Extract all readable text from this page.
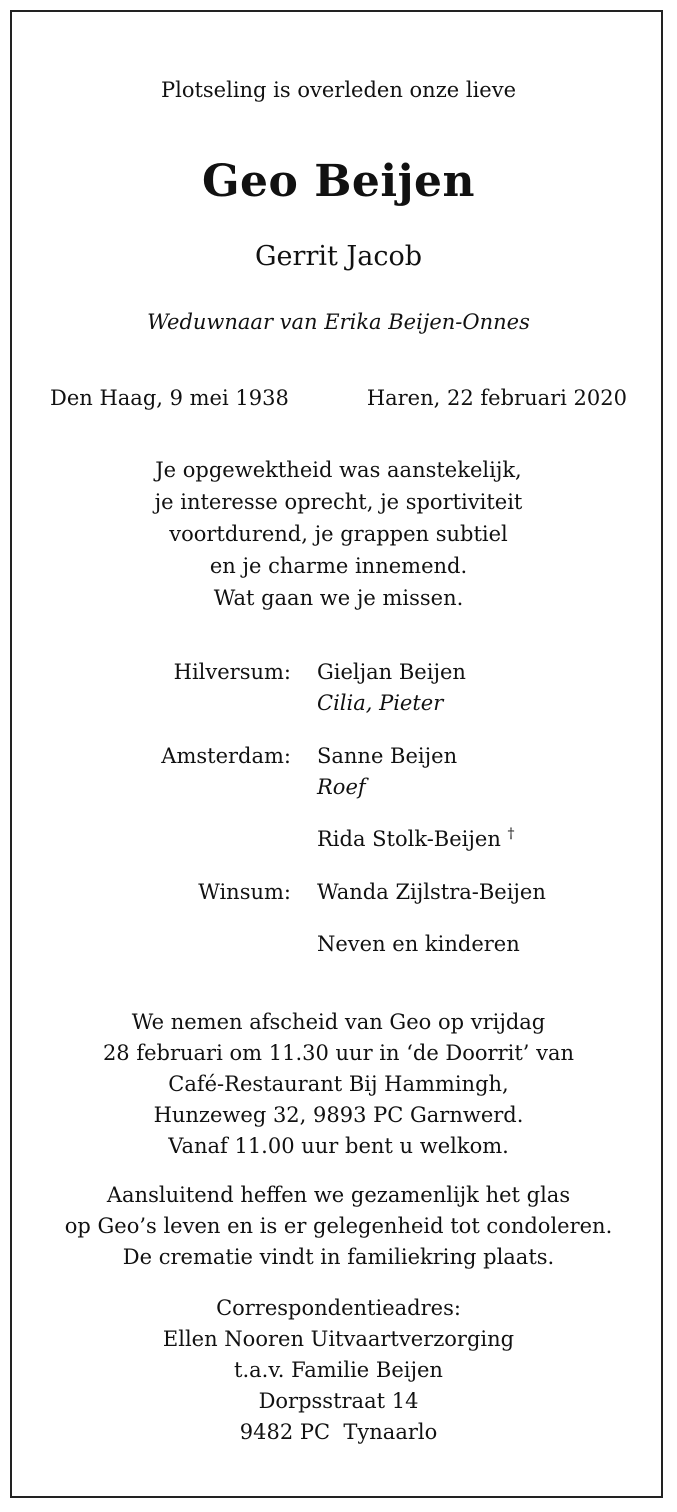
Plotseling is overleden onze lieve
Geo Beijen
Gerrit Jacob
Weduwnaar van Erika Beijen-Onnes
Den Haag, 9 mei 1938	Haren, 22 februari 2020
Je opgewektheid was aanstekelijk,
je interesse oprecht, je sportiviteit
voortdurend, je grappen subtiel
en je charme innemend.
Wat gaan we je missen.
Hilversum: Gieljan Beijen
Cilia, Pieter
Amsterdam: Sanne Beijen
Roef
Rida Stolk-Beijen †
Winsum: Wanda Zijlstra-Beijen
Neven en kinderen
We nemen afscheid van Geo op vrijdag
28 februari om 11.30 uur in ‘de Doorrit’ van
Café-Restaurant Bij Hammingh,
Hunzeweg 32, 9893 PC Garnwerd.
Vanaf 11.00 uur bent u welkom.
Aansluitend heffen we gezamenlijk het glas
op Geo’s leven en is er gelegenheid tot condoleren.
De crematie vindt in familiekring plaats.
Correspondentieadres:
Ellen Nooren Uitvaartverzorging
t.a.v. Familie Beijen
Dorpsstraat 14
9482 PC  Tynaarlo
